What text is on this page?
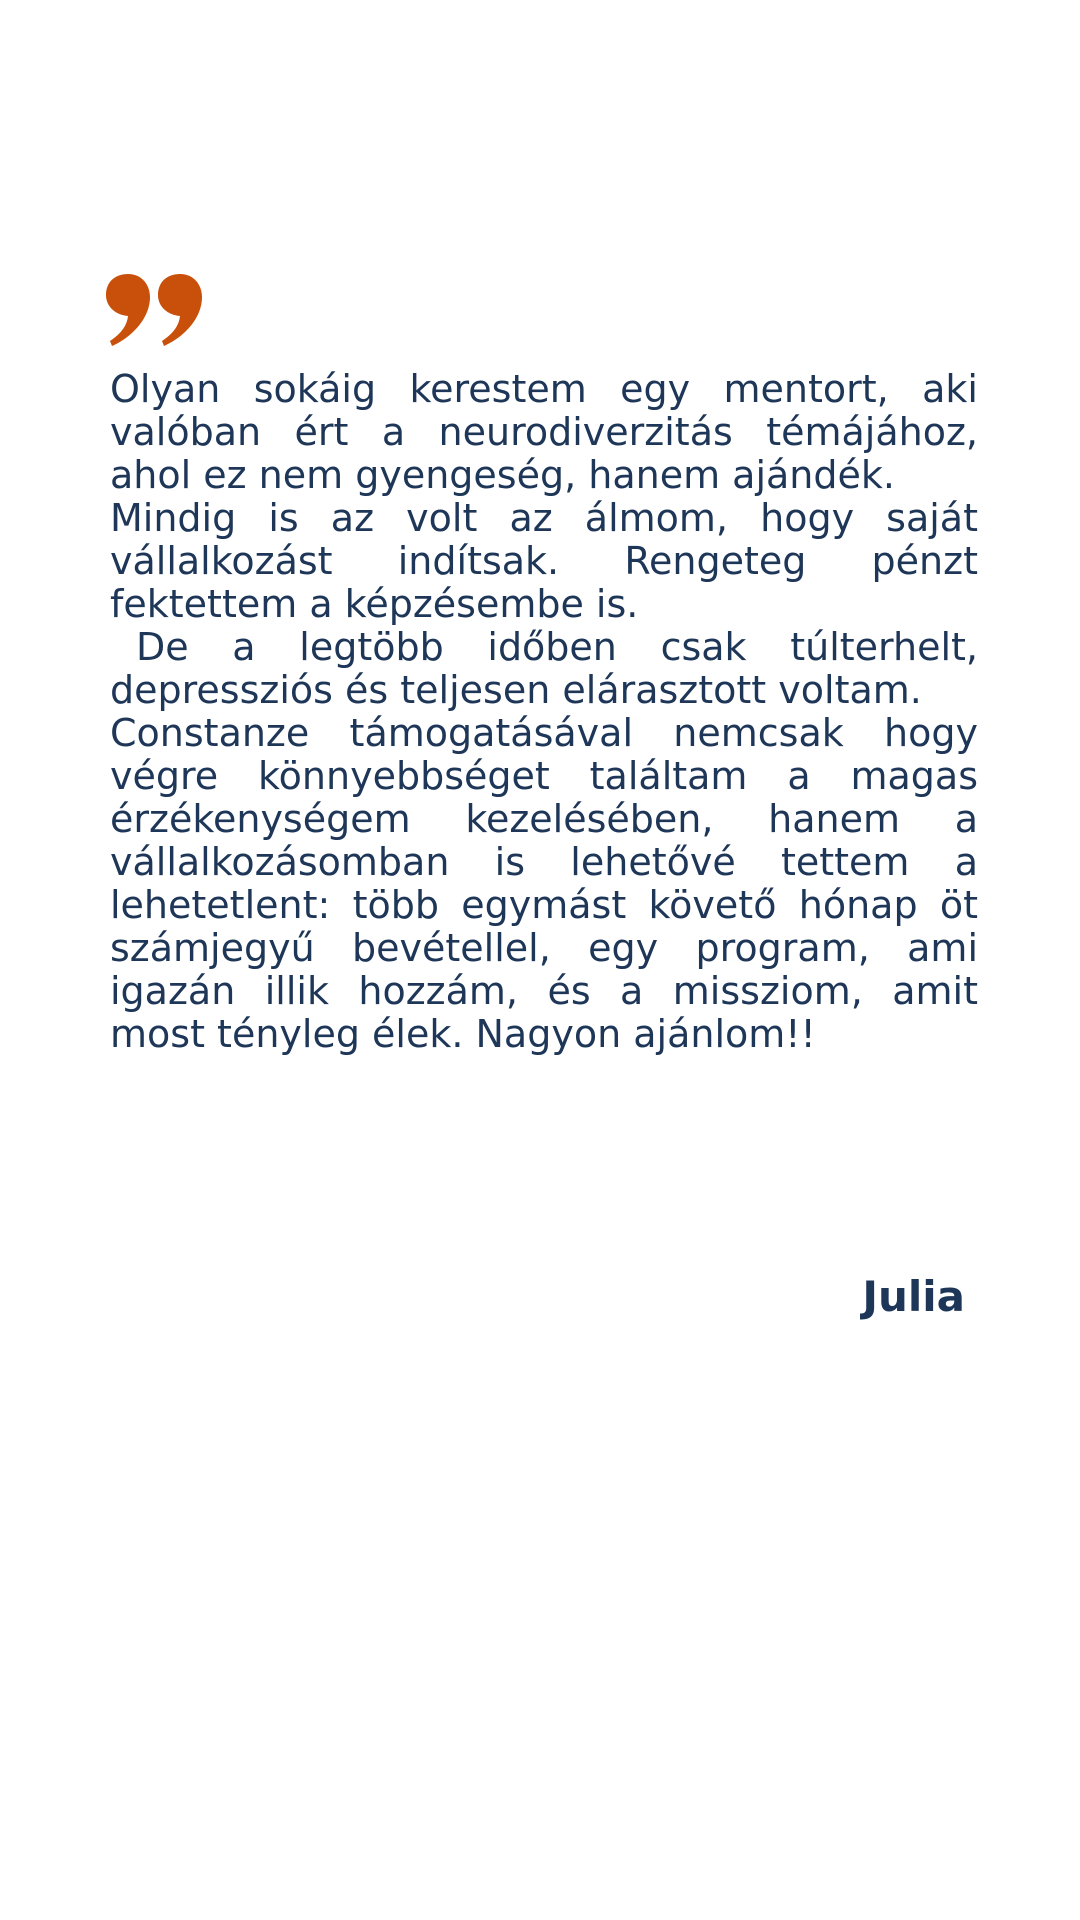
Olyan sokáig kerestem egy mentort, aki valóban ért a neurodiverzitás témájához, ahol ez nem gyengeség, hanem ajándék.

Mindig is az volt az álmom, hogy saját vállalkozást indítsak. Rengeteg pénzt fektettem a képzésembe is.

De a legtöbb időben csak túlterhelt, depressziós és teljesen elárasztott voltam.

Constanze támogatásával nemcsak hogy végre könnyebbséget találtam a magas érzékenységem kezelésében, hanem a vállalkozásomban is lehetővé tettem a lehetetlent: több egymást követő hónap öt számjegyű bevétellel, egy program, ami igazán illik hozzám, és a missziom, amit most tényleg élek. Nagyon ajánlom!!

Julia
